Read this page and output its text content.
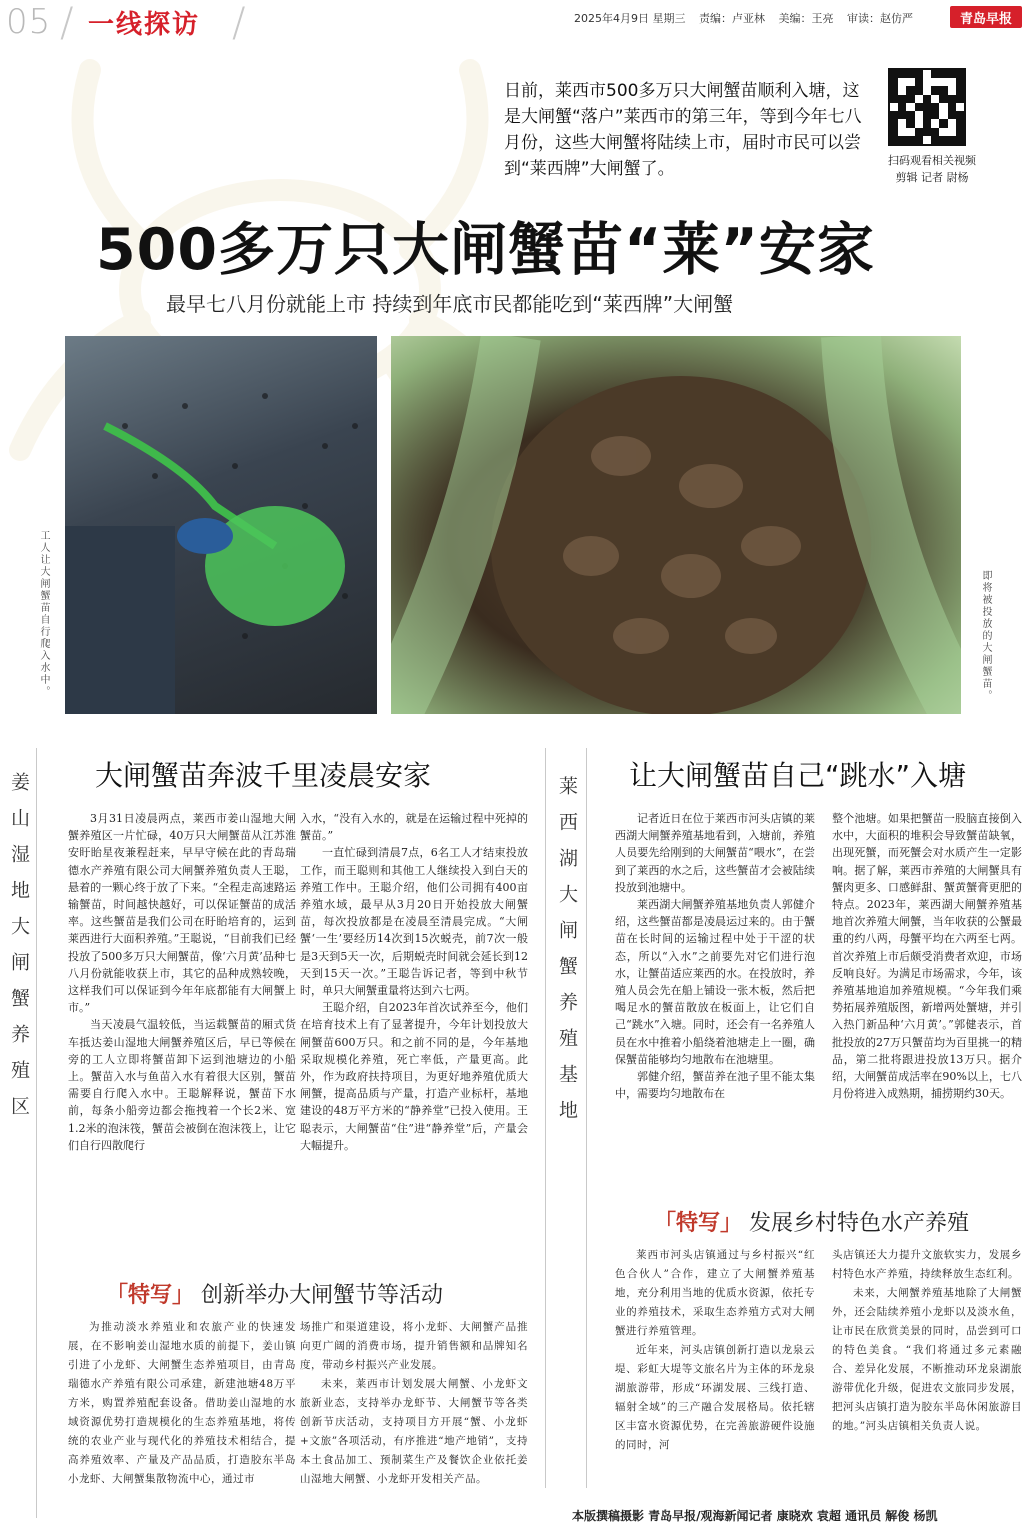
05 / 一线探访 /	2025年4月9日 星期三 责编：卢亚林 美编：王亮 审读：赵仿严	青岛早报
日前，莱西市500多万只大闸蟹苗顺利入塘，这是大闸蟹“落户”莱西市的第三年，等到今年七八月份，这些大闸蟹将陆续上市，届时市民可以尝到“莱西牌”大闸蟹了。	扫码观看相关视频
剪辑 记者 尉杨
500多万只大闸蟹苗“莱”安家
最早七八月份就能上市 持续到年底市民都能吃到“莱西牌”大闸蟹
工人让大闸蟹苗自行爬入水中。	即将被投放的大闸蟹苗。
姜山湿地大闸蟹养殖区 大闸蟹苗奔波千里凌晨安家

3月31日凌晨两点，莱西市姜山湿地大闸蟹养殖区一片忙碌，40万只大闸蟹苗从江苏淮安盱眙星夜兼程赶来，早早守候在此的青岛瑞德水产养殖有限公司大闸蟹养殖负责人王聪，悬着的一颗心终于放了下来。“全程走高速路运输蟹苗，时间越快越好，可以保证蟹苗的成活率。这些蟹苗是我们公司在盱眙培育的，运到莱西进行大面积养殖。”王聪说，“目前我们已经投放了500多万只大闸蟹苗，像‘六月黄’品种七八月份就能收获上市，其它的品种成熟较晚，这样我们可以保证到今年年底都能有大闸蟹上市。”

当天凌晨气温较低，当运载蟹苗的厢式货车抵达姜山湿地大闸蟹养殖区后，早已等候在旁的工人立即将蟹苗卸下运到池塘边的小船上。蟹苗入水与鱼苗入水有着很大区别，蟹苗需要自行爬入水中。王聪解释说，蟹苗下水前，每条小船旁边都会拖拽着一个长2米、宽1.2米的泡沫筏，蟹苗会被倒在泡沫筏上，让它们自行四散爬行

入水，“没有入水的，就是在运输过程中死掉的蟹苗。”

一直忙碌到清晨7点，6名工人才结束投放工作，而王聪则和其他工人继续投入到白天的养殖工作中。王聪介绍，他们公司拥有400亩养殖水域，最早从3月20日开始投放大闸蟹苗，每次投放都是在凌晨至清晨完成。“大闸蟹‘一生’要经历14次到15次蜕壳，前7次一般是3天到5天一次，后期蜕壳时间就会延长到12天到15天一次。”王聪告诉记者，等到中秋节时，单只大闸蟹重量将达到六七两。

王聪介绍，自2023年首次试养至今，他们在培育技术上有了显著提升，今年计划投放大闸蟹苗600万只。和之前不同的是，今年基地采取规模化养殖，死亡率低，产量更高。此外，作为政府扶持项目，为更好地养殖优质大闸蟹，提高品质与产量，打造产业标杆，基地建设的48万平方米的“静养堂”已投入使用。王聪表示，大闸蟹苗“住”进“静养堂”后，产量会大幅提升。

「特写」 创新举办大闸蟹节等活动

为推动淡水养殖业和农旅产业的快速发展，在不影响姜山湿地水质的前提下，姜山镇引进了小龙虾、大闸蟹生态养殖项目，由青岛瑞德水产养殖有限公司承建，新建池塘48万平方米，购置养殖配套设备。借助姜山湿地的水域资源优势打造规模化的生态养殖基地，将传统的农业产业与现代化的养殖技术相结合，提高养殖效率、产量及产品品质，打造胶东半岛小龙虾、大闸蟹集散物流中心，通过市

场推广和渠道建设，将小龙虾、大闸蟹产品推向更广阔的消费市场，提升销售额和品牌知名度，带动乡村振兴产业发展。

未来，莱西市计划发展大闸蟹、小龙虾文旅新业态，支持举办龙虾节、大闸蟹节等各类创新节庆活动，支持项目方开展“蟹、小龙虾+文旅”各项活动，有序推进“地产地销”，支持本土食品加工、预制菜生产及餐饮企业依托姜山湿地大闸蟹、小龙虾开发相关产品。

莱西湖大闸蟹养殖基地
让大闸蟹苗自己“跳水”入塘

记者近日在位于莱西市河头店镇的莱西湖大闸蟹养殖基地看到，入塘前，养殖人员要先给刚到的大闸蟹苗“喂水”，在尝到了莱西的水之后，这些蟹苗才会被陆续投放到池塘中。

莱西湖大闸蟹养殖基地负责人郭健介绍，这些蟹苗都是凌晨运过来的。由于蟹苗在长时间的运输过程中处于干涩的状态，所以“入水”之前要先对它们进行泡水，让蟹苗适应莱西的水。在投放时，养殖人员会先在船上铺设一张木板，然后把喝足水的蟹苗散放在板面上，让它们自己“跳水”入塘。同时，还会有一名养殖人员在水中推着小船绕着池塘走上一圈，确保蟹苗能够均匀地散布在池塘里。

郭健介绍，蟹苗养在池子里不能太集中，需要均匀地散布在

整个池塘。如果把蟹苗一股脑直接倒入水中，大面积的堆积会导致蟹苗缺氧，出现死蟹，而死蟹会对水质产生一定影响。据了解，莱西市养殖的大闸蟹具有蟹肉更多、口感鲜甜、蟹黄蟹膏更肥的特点。2023年，莱西湖大闸蟹养殖基地首次养殖大闸蟹，当年收获的公蟹最重的约八两，母蟹平均在六两至七两。首次养殖上市后颇受消费者欢迎，市场反响良好。为满足市场需求，今年，该养殖基地追加养殖规模。“今年我们乘势拓展养殖版图，新增两处蟹塘，并引入热门新品种‘六月黄’。”郭健表示，首批投放的27万只蟹苗均为百里挑一的精品，第二批将跟进投放13万只。据介绍，大闸蟹苗成活率在90%以上，七八月份将进入成熟期，捕捞期约30天。

「特写」 发展乡村特色水产养殖

莱西市河头店镇通过与乡村振兴“红色合伙人”合作，建立了大闸蟹养殖基地，充分利用当地的优质水资源，依托专业的养殖技术，采取生态养殖方式对大闸蟹进行养殖管理。

近年来，河头店镇创新打造以龙泉云堤、彩虹大堤等文旅名片为主体的环龙泉湖旅游带，形成“环湖发展、三线打造、辐射全域”的三产融合发展格局。依托辖区丰富水资源优势，在完善旅游硬件设施的同时，河

头店镇还大力提升文旅软实力，发展乡村特色水产养殖，持续释放生态红利。

未来，大闸蟹养殖基地除了大闸蟹外，还会陆续养殖小龙虾以及淡水鱼，让市民在欣赏美景的同时，品尝到可口的特色美食。“我们将通过多元素融合、差异化发展，不断推动环龙泉湖旅游带优化升级，促进农文旅同步发展，把河头店镇打造为胶东半岛休闲旅游目的地。”河头店镇相关负责人说。

本版撰稿摄影 青岛早报/观海新闻记者 康晓欢 袁超 通讯员 解俊 杨凯
